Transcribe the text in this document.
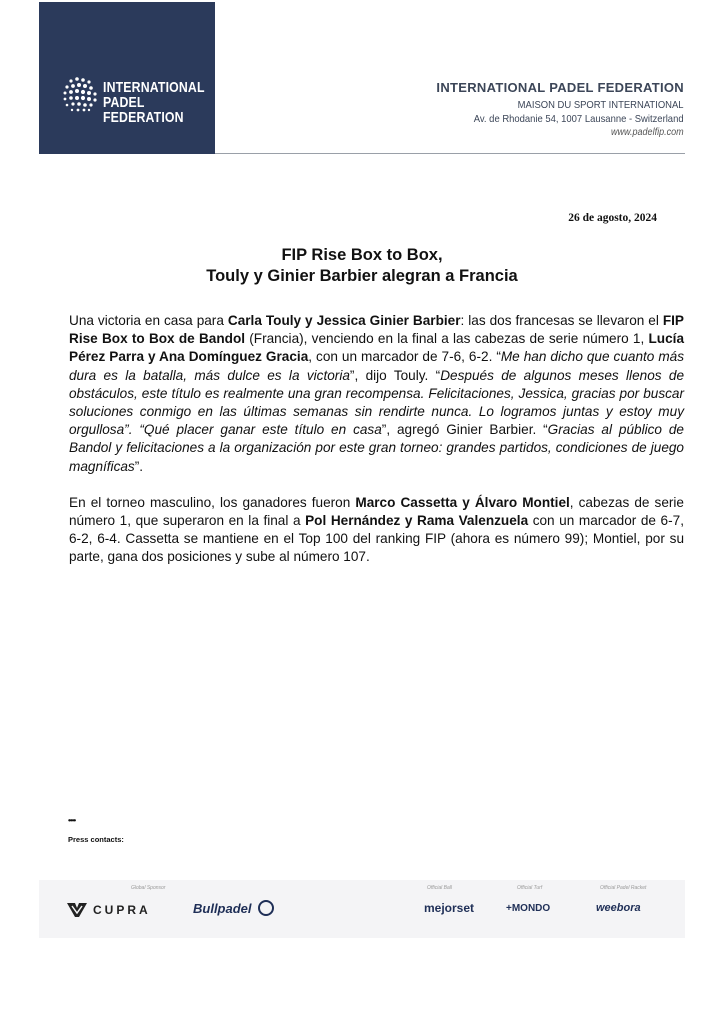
INTERNATIONAL
PADEL
FEDERATION
INTERNATIONAL PADEL FEDERATION
MAISON DU SPORT INTERNATIONAL
Av. de Rhodanie 54, 1007 Lausanne - Switzerland
www.padelfip.com
26 de agosto, 2024
FIP Rise Box to Box,
Touly y Ginier Barbier alegran a Francia

Una victoria en casa para Carla Touly y Jessica Ginier Barbier: las dos francesas se llevaron el FIP Rise Box to Box de Bandol (Francia), venciendo en la final a las cabezas de serie número 1, Lucía Pérez Parra y Ana Domínguez Gracia, con un marcador de 7-6, 6-2. “Me han dicho que cuanto más dura es la batalla, más dulce es la victoria”, dijo Touly. “Después de algunos meses llenos de obstáculos, este título es realmente una gran recompensa. Felicitaciones, Jessica, gracias por buscar soluciones conmigo en las últimas semanas sin rendirte nunca. Lo logramos juntas y estoy muy orgullosa”. “Qué placer ganar este título en casa”, agregó Ginier Barbier. “Gracias al público de Bandol y felicitaciones a la organización por este gran torneo: grandes partidos, condiciones de juego magníficas”.

En el torneo masculino, los ganadores fueron Marco Cassetta y Álvaro Montiel, cabezas de serie número 1, que superaron en la final a Pol Hernández y Rama Valenzuela con un marcador de 6-7, 6-2, 6-4. Cassetta se mantiene en el Top 100 del ranking FIP (ahora es número 99); Montiel, por su parte, gana dos posiciones y sube al número 107.

••••
Press contacts:
Global Sponsor
CUPRA	Bullpadel
Official Ball
mejorset
Official Turf
+MONDO
Official Padel Racket
weebora
